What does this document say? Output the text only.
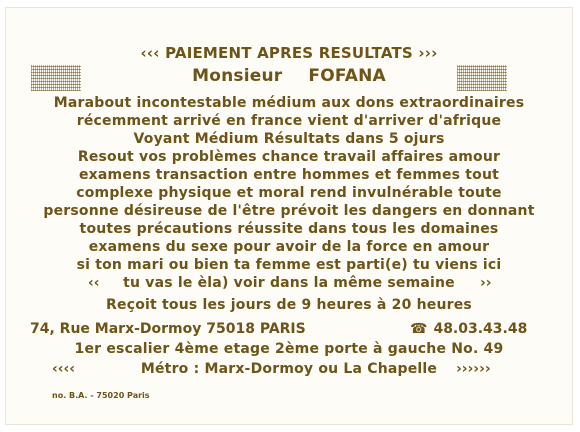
‹‹‹ PAIEMENT APRES RESULTATS ›››
Monsieur FOFANA
Marabout incontestable médium aux dons extraordinaires
récemment arrivé en france vient d'arriver d'afrique
Voyant Médium Résultats dans 5 ojurs
Resout vos problèmes chance travail affaires amour
examens transaction entre hommes et femmes tout
complexe physique et moral rend invulnérable toute
personne désireuse de l'être prévoit les dangers en donnant
toutes précautions réussite dans tous les domaines
examens du sexe pour avoir de la force en amour
si ton mari ou bien ta femme est parti(e) tu viens ici
‹‹	tu vas le èla) voir dans la même semaine	››
Reçoit tous les jours de 9 heures à 20 heures
74, Rue Marx-Dormoy 75018 PARIS	☎ 48.03.43.48
1er escalier 4ème etage 2ème porte à gauche No. 49
‹‹‹‹	Métro : Marx-Dormoy ou La Chapelle	››››››
no. B.A. - 75020 Paris
